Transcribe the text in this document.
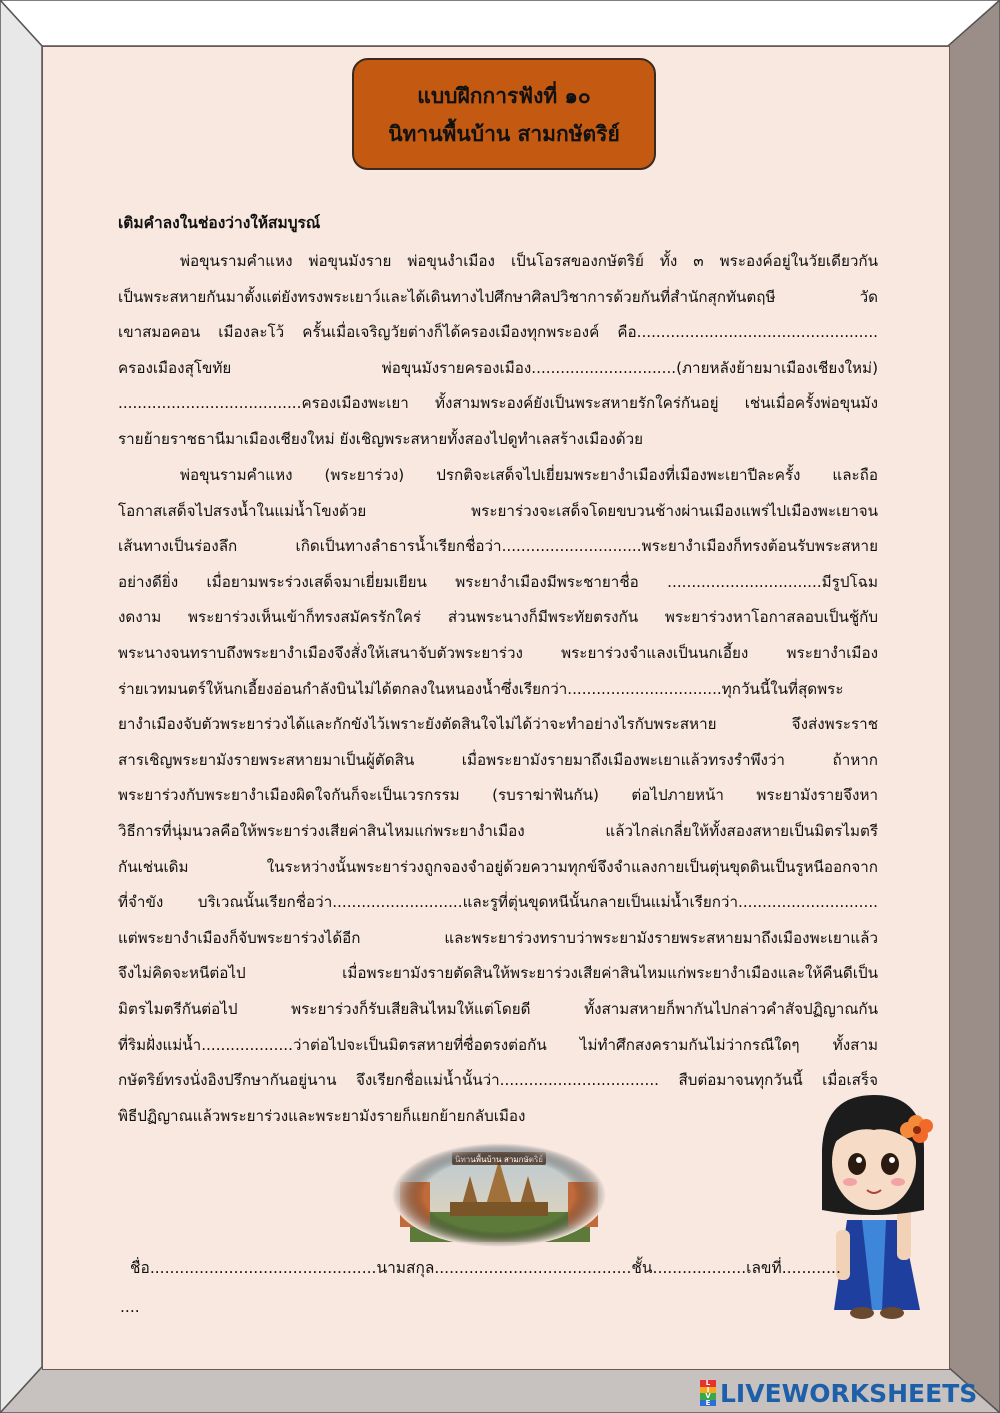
แบบฝึกการฟังที่ ๑๐
นิทานพื้นบ้าน สามกษัตริย์
เติมคำลงในช่องว่างให้สมบูรณ์
พ่อขุนรามคำแหง พ่อขุนมังราย พ่อขุนงำเมือง เป็นโอรสของกษัตริย์ ทั้ง ๓ พระองค์อยู่ในวัยเดียวกัน
เป็นพระสหายกันมาตั้งแต่ยังทรงพระเยาว์และได้เดินทางไปศึกษาศิลปวิชาการด้วยกันที่สำนักสุกทันตฤษี วัด
เขาสมอคอน เมืองละโว้ ครั้นเมื่อเจริญวัยต่างก็ได้ครองเมืองทุกพระองค์ คือ..................................................
ครองเมืองสุโขทัย พ่อขุนมังรายครองเมือง..............................(ภายหลังย้ายมาเมืองเชียงใหม่)
......................................ครองเมืองพะเยา ทั้งสามพระองค์ยังเป็นพระสหายรักใคร่กันอยู่ เช่นเมื่อครั้งพ่อขุนมัง
รายย้ายราชธานีมาเมืองเชียงใหม่ ยังเชิญพระสหายทั้งสองไปดูทำเลสร้างเมืองด้วย
พ่อขุนรามคำแหง (พระยาร่วง) ปรกติจะเสด็จไปเยี่ยมพระยางำเมืองที่เมืองพะเยาปีละครั้ง และถือ
โอกาสเสด็จไปสรงน้ำในแม่น้ำโขงด้วย พระยาร่วงจะเสด็จโดยขบวนช้างผ่านเมืองแพร่ไปเมืองพะเยาจน
เส้นทางเป็นร่องลึก เกิดเป็นทางลำธารน้ำเรียกชื่อว่า.............................พระยางำเมืองก็ทรงต้อนรับพระสหาย
อย่างดียิ่ง เมื่อยามพระร่วงเสด็จมาเยี่ยมเยียน พระยางำเมืองมีพระชายาชื่อ ................................มีรูปโฉม
งดงาม พระยาร่วงเห็นเข้าก็ทรงสมัครรักใคร่ ส่วนพระนางก็มีพระทัยตรงกัน พระยาร่วงหาโอกาสลอบเป็นชู้กับ
พระนางจนทราบถึงพระยางำเมืองจึงสั่งให้เสนาจับตัวพระยาร่วง พระยาร่วงจำแลงเป็นนกเอี้ยง พระยางำเมือง
ร่ายเวทมนตร์ให้นกเอี้ยงอ่อนกำลังบินไม่ได้ตกลงในหนองน้ำซึ่งเรียกว่า................................ทุกวันนี้ในที่สุดพระ
ยางำเมืองจับตัวพระยาร่วงได้และกักขังไว้เพราะยังตัดสินใจไม่ได้ว่าจะทำอย่างไรกับพระสหาย จึงส่งพระราช
สารเชิญพระยามังรายพระสหายมาเป็นผู้ตัดสิน เมื่อพระยามังรายมาถึงเมืองพะเยาแล้วทรงรำพึงว่า ถ้าหาก
พระยาร่วงกับพระยางำเมืองผิดใจกันก็จะเป็นเวรกรรม (รบราฆ่าฟันกัน) ต่อไปภายหน้า พระยามังรายจึงหา
วิธีการที่นุ่มนวลคือให้พระยาร่วงเสียค่าสินไหมแก่พระยางำเมือง แล้วไกล่เกลี่ยให้ทั้งสองสหายเป็นมิตรไมตรี
กันเช่นเดิม ในระหว่างนั้นพระยาร่วงถูกจองจำอยู่ด้วยความทุกข์จึงจำแลงกายเป็นตุ่นขุดดินเป็นรูหนีออกจาก
ที่จำขัง บริเวณนั้นเรียกชื่อว่า...........................และรูที่ตุ่นขุดหนีนั้นกลายเป็นแม่น้ำเรียกว่า.............................
แต่พระยางำเมืองก็จับพระยาร่วงได้อีก และพระยาร่วงทราบว่าพระยามังรายพระสหายมาถึงเมืองพะเยาแล้ว
จึงไม่คิดจะหนีต่อไป เมื่อพระยามังรายตัดสินให้พระยาร่วงเสียค่าสินไหมแก่พระยางำเมืองและให้คืนดีเป็น
มิตรไมตรีกันต่อไป พระยาร่วงก็รับเสียสินไหมให้แต่โดยดี ทั้งสามสหายก็พากันไปกล่าวคำสัจปฏิญาณกัน
ที่ริมฝั่งแม่น้ำ...................ว่าต่อไปจะเป็นมิตรสหายที่ซื่อตรงต่อกัน ไม่ทำศึกสงครามกันไม่ว่ากรณีใดๆ ทั้งสาม
กษัตริย์ทรงนั่งอิงปรึกษากันอยู่นาน จึงเรียกชื่อแม่น้ำนั้นว่า................................. สืบต่อมาจนทุกวันนี้ เมื่อเสร็จ
พิธีปฏิญาณแล้วพระยาร่วงและพระยามังรายก็แยกย้ายกลับเมือง
ชื่อ..............................................นามสกุล........................................ชั้น...................เลขที่............
....
L
I
V
E LIVEWORKSHEETS
